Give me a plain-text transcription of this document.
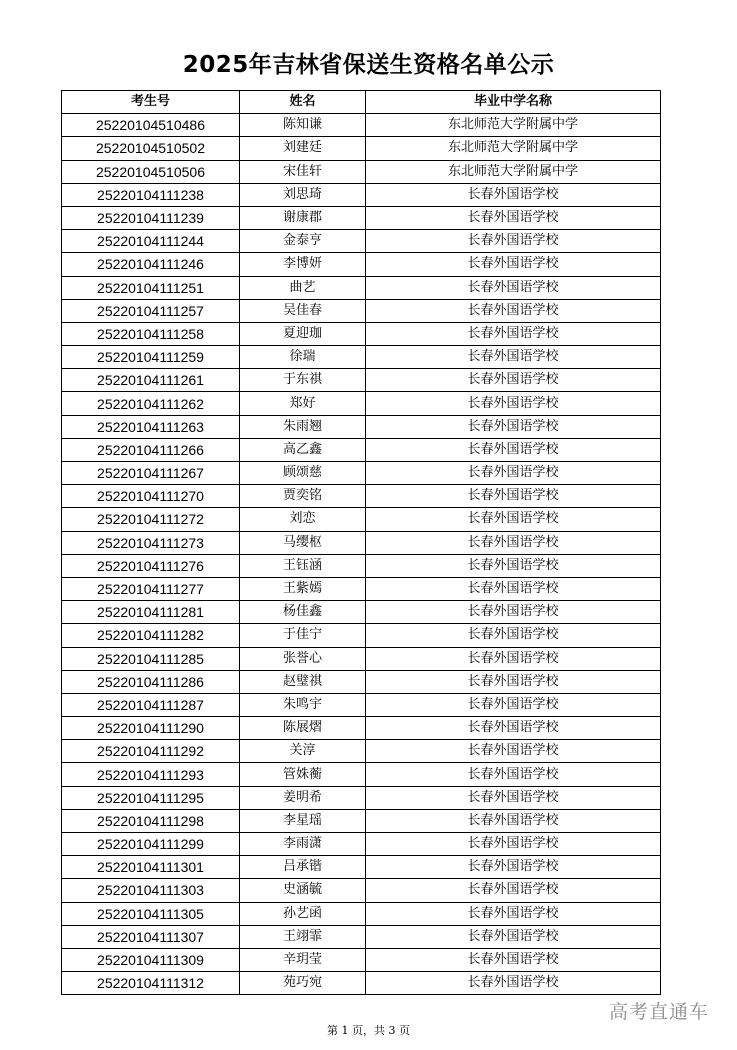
2025年吉林省保送生资格名单公示
考生号	姓名	毕业中学名称
25220104510486	陈知谦	东北师范大学附属中学
25220104510502	刘建廷	东北师范大学附属中学
25220104510506	宋佳轩	东北师范大学附属中学
25220104111238	刘思琦	长春外国语学校
25220104111239	谢康郡	长春外国语学校
25220104111244	金泰亨	长春外国语学校
25220104111246	李博妍	长春外国语学校
25220104111251	曲艺	长春外国语学校
25220104111257	吴佳春	长春外国语学校
25220104111258	夏迎珈	长春外国语学校
25220104111259	徐瑞	长春外国语学校
25220104111261	于东祺	长春外国语学校
25220104111262	郑好	长春外国语学校
25220104111263	朱雨翘	长春外国语学校
25220104111266	高乙鑫	长春外国语学校
25220104111267	顾颂慈	长春外国语学校
25220104111270	贾奕铭	长春外国语学校
25220104111272	刘恋	长春外国语学校
25220104111273	马缨枢	长春外国语学校
25220104111276	王钰涵	长春外国语学校
25220104111277	王紫嫣	长春外国语学校
25220104111281	杨佳鑫	长春外国语学校
25220104111282	于佳宁	长春外国语学校
25220104111285	张誉心	长春外国语学校
25220104111286	赵璧祺	长春外国语学校
25220104111287	朱鸣宇	长春外国语学校
25220104111290	陈展熠	长春外国语学校
25220104111292	关淳	长春外国语学校
25220104111293	管姝蘅	长春外国语学校
25220104111295	姜明希	长春外国语学校
25220104111298	李星瑶	长春外国语学校
25220104111299	李雨潇	长春外国语学校
25220104111301	吕承锴	长春外国语学校
25220104111303	史涵毓	长春外国语学校
25220104111305	孙艺函	长春外国语学校
25220104111307	王翊霏	长春外国语学校
25220104111309	辛玥莹	长春外国语学校
25220104111312	苑巧宛	长春外国语学校
第 1 页，共 3 页
高考直通车
